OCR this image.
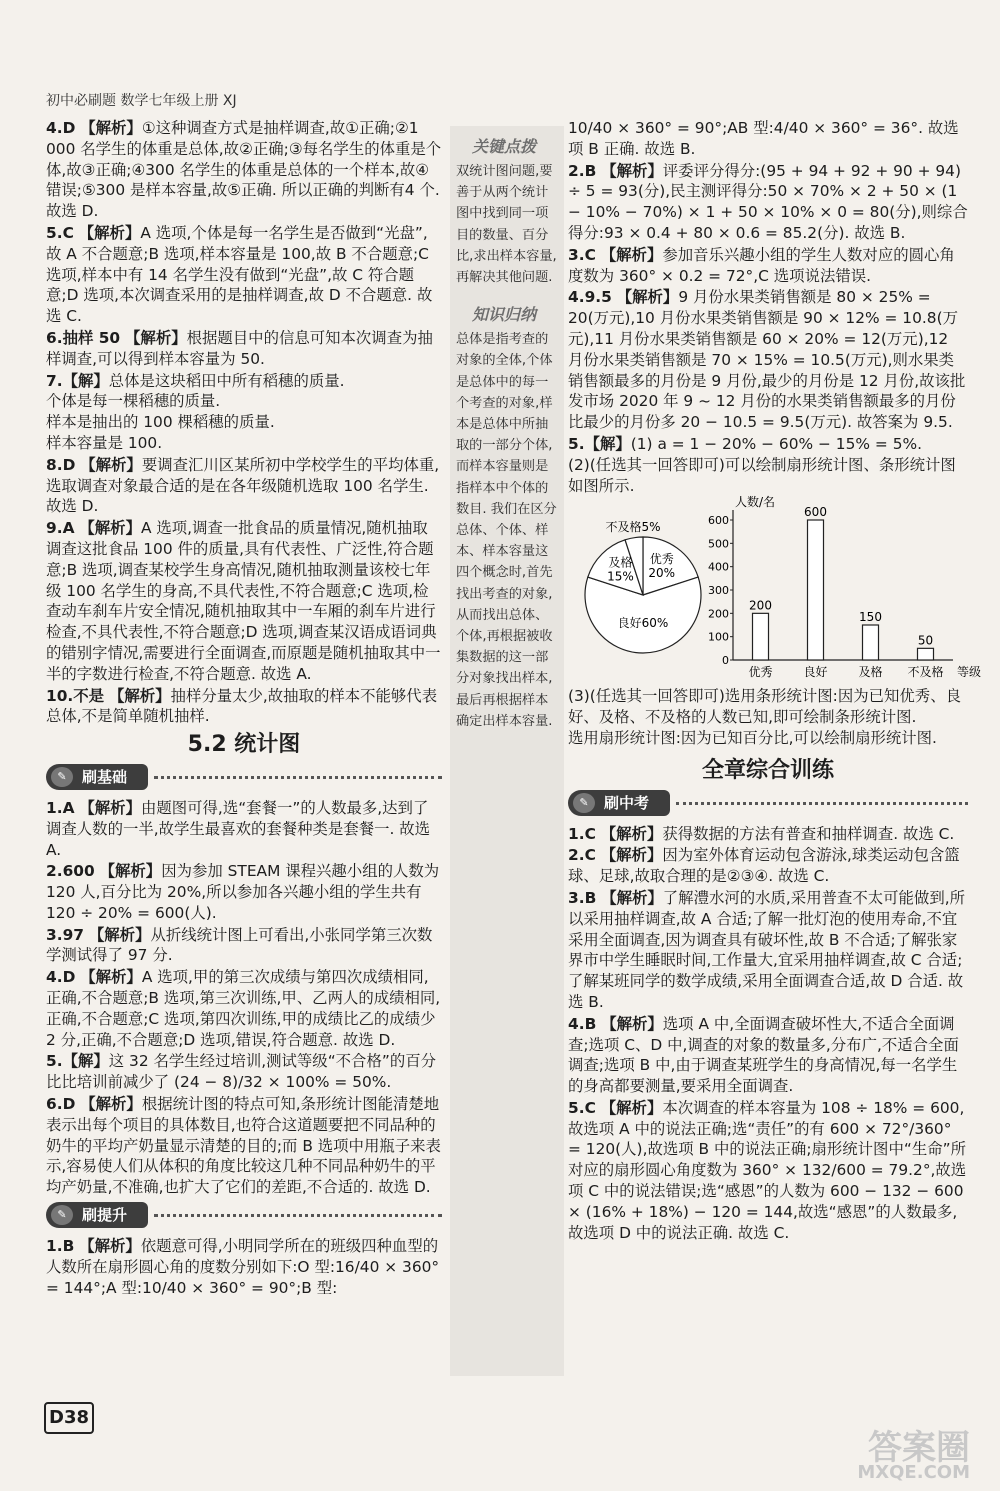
初中必刷题 数学七年级上册 XJ

4.D 【解析】①这种调查方式是抽样调查,故①正确;②1 000 名学生的体重是总体,故②正确;③每名学生的体重是个体,故③正确;④300 名学生的体重是总体的一个样本,故④错误;⑤300 是样本容量,故⑤正确. 所以正确的判断有4 个. 故选 D.

5.C 【解析】A 选项,个体是每一名学生是否做到“光盘”,故 A 不合题意;B 选项,样本容量是 100,故 B 不合题意;C 选项,样本中有 14 名学生没有做到“光盘”,故 C 符合题意;D 选项,本次调查采用的是抽样调查,故 D 不合题意. 故选 C.

6.抽样 50 【解析】根据题目中的信息可知本次调查为抽样调查,可以得到样本容量为 50.

7.【解】总体是这块稻田中所有稻穗的质量.
个体是每一棵稻穗的质量.
样本是抽出的 100 棵稻穗的质量.
样本容量是 100.

8.D 【解析】要调查汇川区某所初中学校学生的平均体重,选取调查对象最合适的是在各年级随机选取 100 名学生. 故选 D.

9.A 【解析】A 选项,调查一批食品的质量情况,随机抽取调查这批食品 100 件的质量,具有代表性、广泛性,符合题意;B 选项,调查某校学生身高情况,随机抽取测量该校七年级 100 名学生的身高,不具代表性,不符合题意;C 选项,检查动车刹车片安全情况,随机抽取其中一车厢的刹车片进行检查,不具代表性,不符合题意;D 选项,调查某汉语成语词典的错别字情况,需要进行全面调查,而原题是随机抽取其中一半的字数进行检查,不符合题意. 故选 A.

10.不是 【解析】抽样分量太少,故抽取的样本不能够代表总体,不是简单随机抽样.

5.2 统计图
✎	刷基础

1.A 【解析】由题图可得,选“套餐一”的人数最多,达到了调查人数的一半,故学生最喜欢的套餐种类是套餐一. 故选 A.

2.600 【解析】因为参加 STEAM 课程兴趣小组的人数为 120 人,百分比为 20%,所以参加各兴趣小组的学生共有 120 ÷ 20% = 600(人).

3.97 【解析】从折线统计图上可看出,小张同学第三次数学测试得了 97 分.

4.D 【解析】A 选项,甲的第三次成绩与第四次成绩相同,正确,不合题意;B 选项,第三次训练,甲、乙两人的成绩相同,正确,不合题意;C 选项,第四次训练,甲的成绩比乙的成绩少 2 分,正确,不合题意;D 选项,错误,符合题意. 故选 D.

5.【解】这 32 名学生经过培训,测试等级“不合格”的百分比比培训前减少了 (24 − 8)/32 × 100% = 50%.

6.D 【解析】根据统计图的特点可知,条形统计图能清楚地表示出每个项目的具体数目,也符合这道题要把不同品种的奶牛的平均产奶量显示清楚的目的;而 B 选项中用瓶子来表示,容易使人们从体积的角度比较这几种不同品种奶牛的平均产奶量,不准确,也扩大了它们的差距,不合适的. 故选 D.

✎	刷提升

1.B 【解析】依题意可得,小明同学所在的班级四种血型的人数所在扇形圆心角的度数分别如下:O 型:16/40 × 360° = 144°;A 型:10/40 × 360° = 90°;B 型:

关键点拨
双统计图问题,要善于从两个统计图中找到同一项目的数量、百分比,求出样本容量,再解决其他问题.
知识归纳
总体是指考查的对象的全体,个体是总体中的每一个考查的对象,样本是总体中所抽取的一部分个体,而样本容量则是指样本中个体的数目. 我们在区分总体、个体、样本、样本容量这四个概念时,首先找出考查的对象,从而找出总体、个体,再根据被收集数据的这一部分对象找出样本,最后再根据样本确定出样本容量.

10/40 × 360° = 90°;AB 型:4/40 × 360° = 36°. 故选项 B 正确. 故选 B.

2.B 【解析】评委评分得分:(95 + 94 + 92 + 90 + 94) ÷ 5 = 93(分),民主测评得分:50 × 70% × 2 + 50 × (1 − 10% − 70%) × 1 + 50 × 10% × 0 = 80(分),则综合得分:93 × 0.4 + 80 × 0.6 = 85.2(分). 故选 B.

3.C 【解析】参加音乐兴趣小组的学生人数对应的圆心角度数为 360° × 0.2 = 72°,C 选项说法错误.

4.9.5 【解析】9 月份水果类销售额是 80 × 25% = 20(万元),10 月份水果类销售额是 90 × 12% = 10.8(万元),11 月份水果类销售额是 60 × 20% = 12(万元),12 月份水果类销售额是 70 × 15% = 10.5(万元),则水果类销售额最多的月份是 9 月份,最少的月份是 12 月份,故该批发市场 2020 年 9 ~ 12 月份的水果类销售额最多的月份比最少的月份多 20 − 10.5 = 9.5(万元). 故答案为 9.5.

5.【解】(1) a = 1 − 20% − 60% − 15% = 5%.
(2)(任选其一回答即可)可以绘制扇形统计图、条形统计图如图所示.

优秀
20%
良好60%
及格
15%
不及格5%
人数/名
等级
0
100
200
300
400
500
600
200
优秀
600
良好
150
及格
50
不及格

(3)(任选其一回答即可)选用条形统计图:因为已知优秀、良好、及格、不及格的人数已知,即可绘制条形统计图.
选用扇形统计图:因为已知百分比,可以绘制扇形统计图.

全章综合训练
✎	刷中考

1.C 【解析】获得数据的方法有普查和抽样调查. 故选 C.

2.C 【解析】因为室外体育运动包含游泳,球类运动包含篮球、足球,故取合理的是②③④. 故选 C.

3.B 【解析】了解澧水河的水质,采用普查不太可能做到,所以采用抽样调查,故 A 合适;了解一批灯泡的使用寿命,不宜采用全面调查,因为调查具有破坏性,故 B 不合适;了解张家界市中学生睡眠时间,工作量大,宜采用抽样调查,故 C 合适;了解某班同学的数学成绩,采用全面调查合适,故 D 合适. 故选 B.

4.B 【解析】选项 A 中,全面调查破坏性大,不适合全面调查;选项 C、D 中,调查的对象的数量多,分布广,不适合全面调查;选项 B 中,由于调查某班学生的身高情况,每一名学生的身高都要测量,要采用全面调查.

5.C 【解析】本次调查的样本容量为 108 ÷ 18% = 600,故选项 A 中的说法正确;选“责任”的有 600 × 72°/360° = 120(人),故选项 B 中的说法正确;扇形统计图中“生命”所对应的扇形圆心角度数为 360° × 132/600 = 79.2°,故选项 C 中的说法错误;选“感恩”的人数为 600 − 132 − 600 × (16% + 18%) − 120 = 144,故选“感恩”的人数最多,故选项 D 中的说法正确. 故选 C.

D38
答案圈
MXQE.COM
